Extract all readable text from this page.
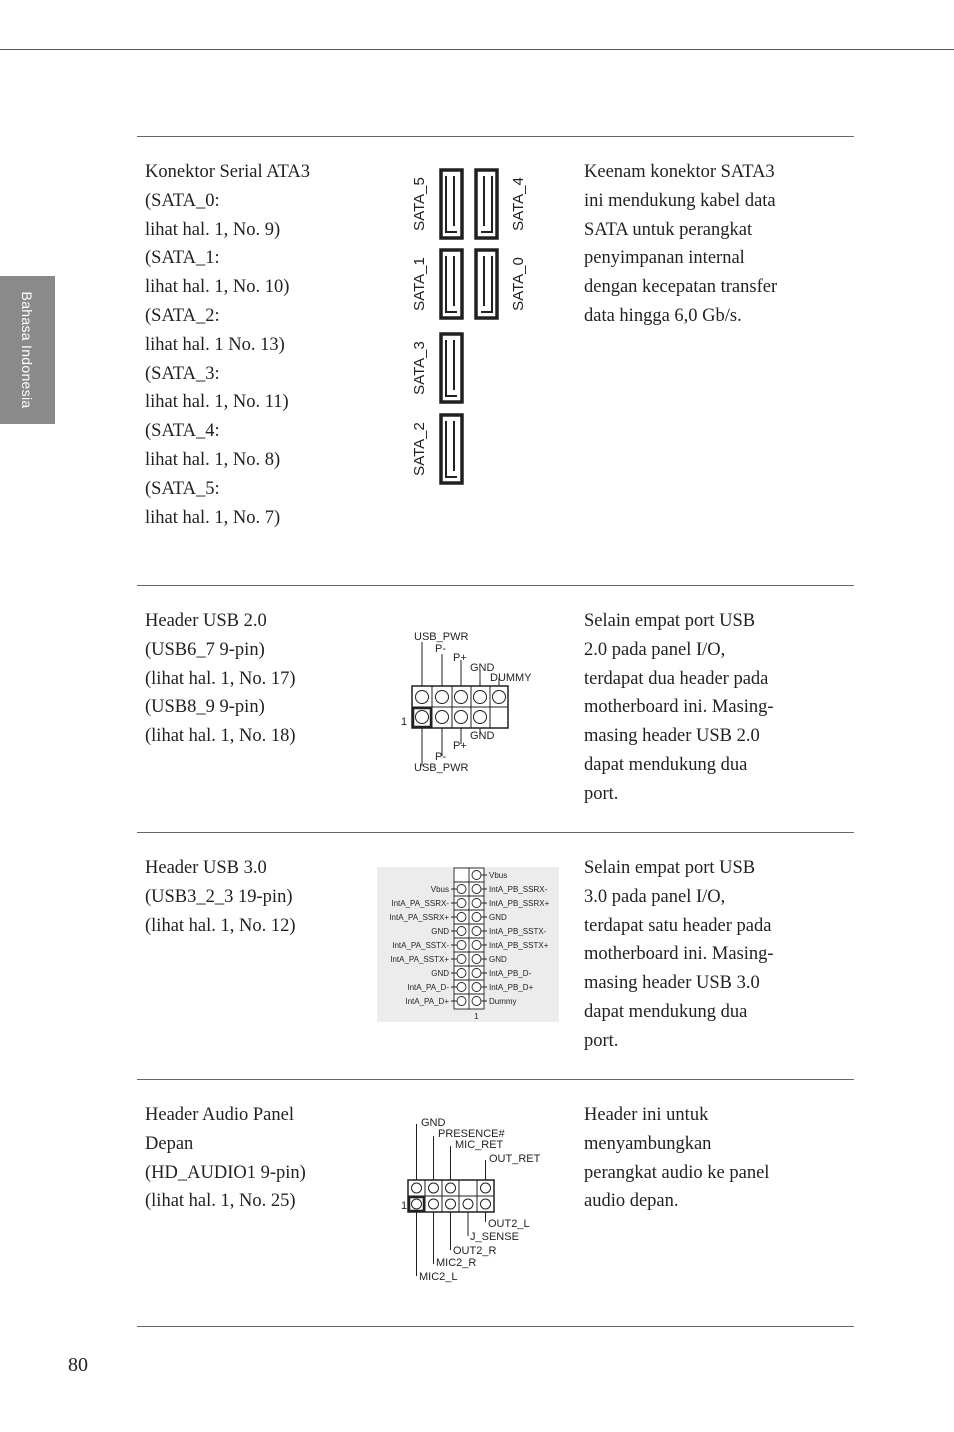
Bahasa Indonesia
Konektor Serial ATA3
(SATA_0:
lihat hal. 1, No. 9)
(SATA_1:
lihat hal. 1, No. 10)
(SATA_2:
lihat hal. 1 No. 13)
(SATA_3:
lihat hal. 1, No. 11)
(SATA_4:
lihat hal. 1, No. 8)
(SATA_5:
lihat hal. 1, No. 7)
Keenam konektor SATA3
ini mendukung kabel data
SATA untuk perangkat
penyimpanan internal
dengan kecepatan transfer
data hingga 6,0 Gb/s.
SATA_5	SATA_4
SATA_1	SATA_0
SATA_3
SATA_2
Header USB 2.0
(USB6_7 9-pin)
(lihat hal. 1, No. 17)
(USB8_9 9-pin)
(lihat hal. 1, No. 18)
Selain empat port USB
2.0 pada panel I/O,
terdapat dua header pada
motherboard ini. Masing-
masing header USB 2.0
dapat mendukung dua
port.
USB_PWR
P-
P+
GND
DUMMY
1
GND
P+
P-
USB_PWR
Header USB 3.0
(USB3_2_3 19-pin)
(lihat hal. 1, No. 12)
Selain empat port USB
3.0 pada panel I/O,
terdapat satu header pada
motherboard ini. Masing-
masing header USB 3.0
dapat mendukung dua
port.
Vbus
IntA_PA_SSRX-
IntA_PA_SSRX+
GND
IntA_PA_SSTX-
IntA_PA_SSTX+
GND
IntA_PA_D-
IntA_PA_D+
Vbus
IntA_PB_SSRX-
IntA_PB_SSRX+
GND
IntA_PB_SSTX-
IntA_PB_SSTX+
GND
IntA_PB_D-
IntA_PB_D+
Dummy
1
Header Audio Panel
Depan
(HD_AUDIO1 9-pin)
(lihat hal. 1, No. 25)
Header ini untuk
menyambungkan
perangkat audio ke panel
audio depan.
GND
PRESENCE#
MIC_RET
OUT_RET
1
OUT2_L
J_SENSE
OUT2_R
MIC2_R
MIC2_L
80
